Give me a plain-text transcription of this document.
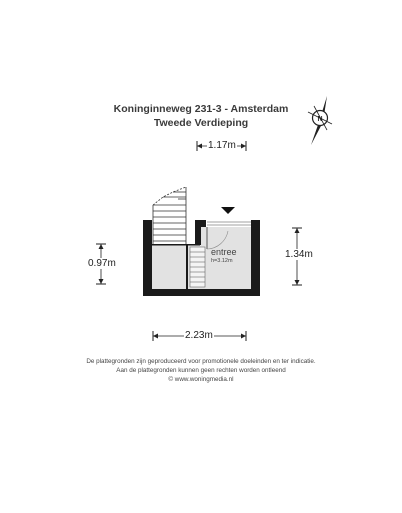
Koninginneweg 231-3 - Amsterdam
Tweede Verdieping
1.17m
0.97m
1.34m
2.23m
entree
h=3.12m
De plattegronden zijn geproduceerd voor promotionele doeleinden en ter indicatie.
Aan de plattegronden kunnen geen rechten worden ontleend
© www.woningmedia.nl
N
